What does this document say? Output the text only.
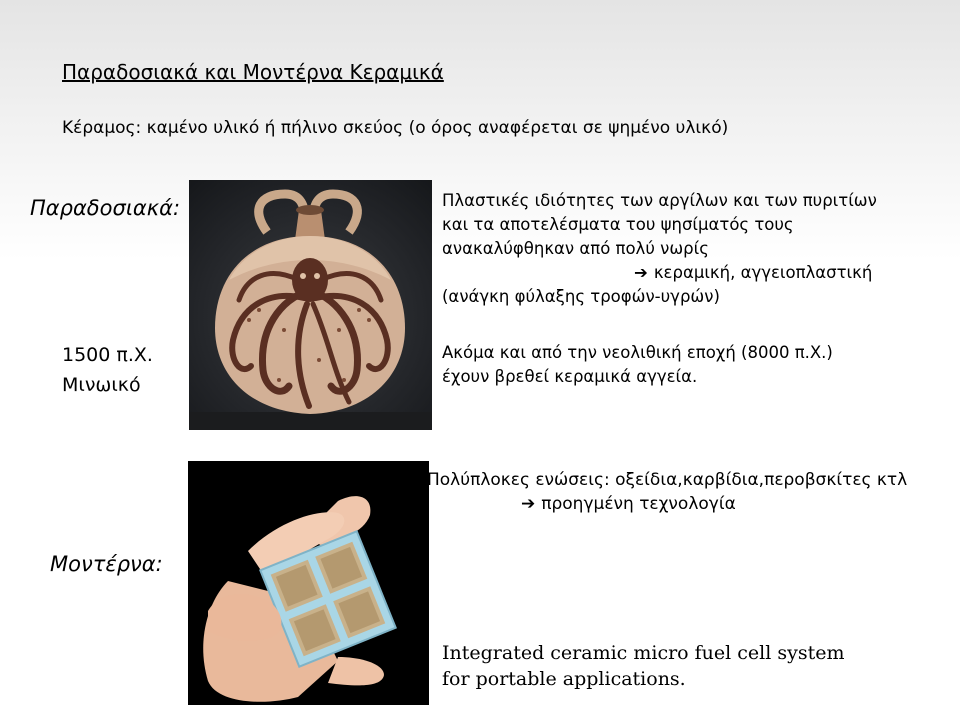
Παραδοσιακά και Μοντέρνα Κεραμικά
Κέραμος: καμένο υλικό ή πήλινο σκεύος (ο όρος αναφέρεται σε ψημένο υλικό)
Παραδοσιακά:
1500 π.Χ.
Μινωικό
Πλαστικές ιδιότητες των αργίλων και των πυριτίων
και τα αποτελέσματα του ψησίματός τους
ανακαλύφθηκαν από πολύ νωρίς
➔ κεραμική, αγγειοπλαστική
(ανάγκη φύλαξης τροφών-υγρών)
Ακόμα και από την νεολιθική εποχή (8000 π.Χ.)
έχουν βρεθεί κεραμικά αγγεία.
Μοντέρνα:
Πολύπλοκες ενώσεις: οξείδια,καρβίδια,περοβσκίτες κτλ
➔ προηγμένη τεχνολογία
Integrated ceramic micro fuel cell system
for portable applications.
